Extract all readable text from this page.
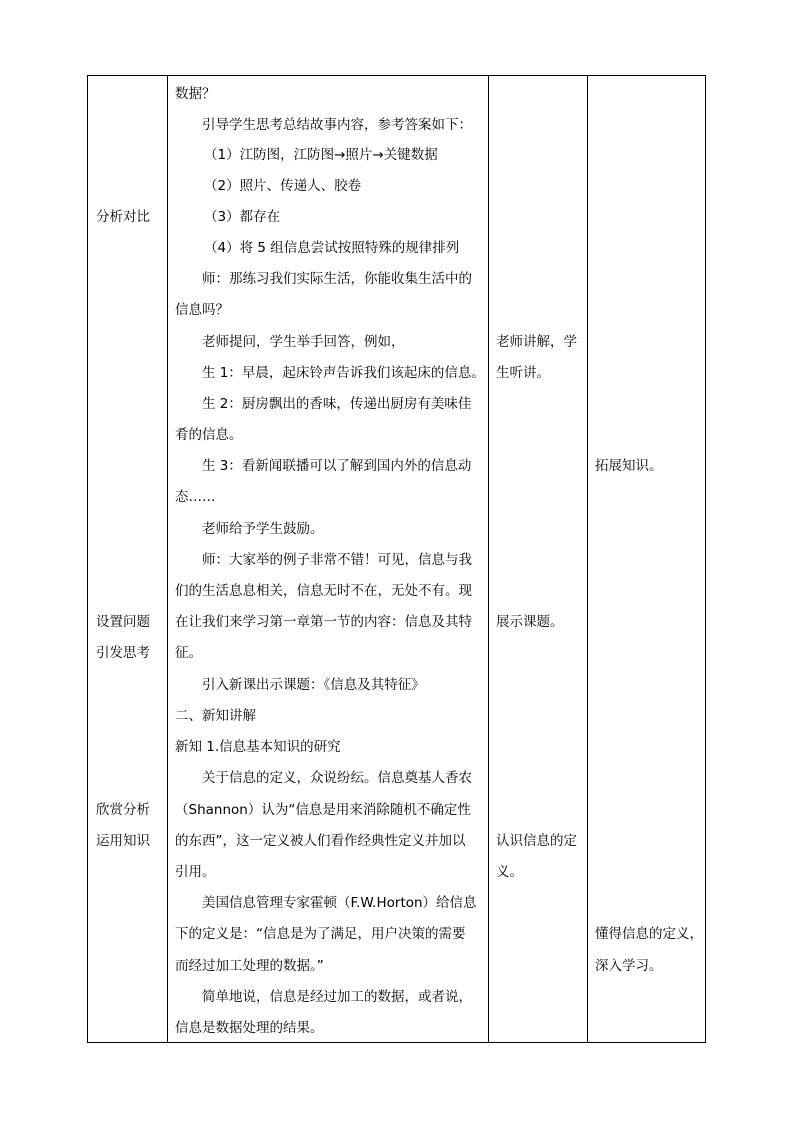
分析对比
设置问题
引发思考
欣赏分析
运用知识
数据？
引导学生思考总结故事内容，参考答案如下：
（1）江防图，江防图→照片→关键数据
（2）照片、传递人、胶卷
（3）都存在
（4）将 5 组信息尝试按照特殊的规律排列
师：那练习我们实际生活，你能收集生活中的
信息吗？
老师提问，学生举手回答，例如，
生 1：早晨，起床铃声告诉我们该起床的信息。
生 2：厨房飘出的香味，传递出厨房有美味佳
肴的信息。
生 3：看新闻联播可以了解到国内外的信息动
态……
老师给予学生鼓励。
师：大家举的例子非常不错！可见，信息与我
们的生活息息相关，信息无时不在，无处不有。现
在让我们来学习第一章第一节的内容：信息及其特
征。
引入新课出示课题：《信息及其特征》
二、新知讲解
新知 1.信息基本知识的研究
关于信息的定义，众说纷纭。信息奠基人香农
（Shannon）认为“信息是用来消除随机不确定性
的东西”，这一定义被人们看作经典性定义并加以
引用。
美国信息管理专家霍顿（F.W.Horton）给信息
下的定义是：“信息是为了满足，用户决策的需要
而经过加工处理的数据。”
简单地说，信息是经过加工的数据，或者说，
信息是数据处理的结果。
老师讲解，学
生听讲。
展示课题。
认识信息的定
义。
拓展知识。
懂得信息的定义，
深入学习。
